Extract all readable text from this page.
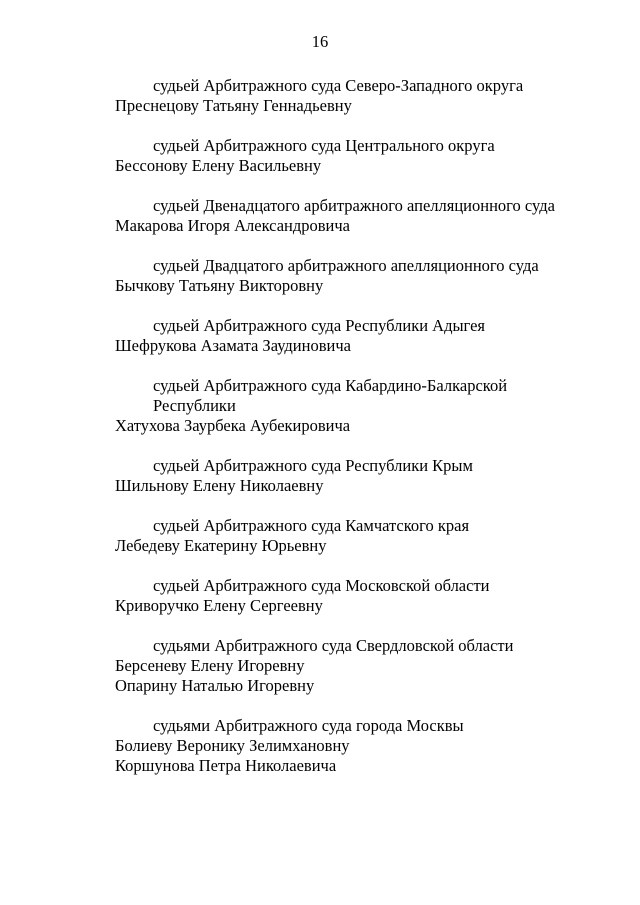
16
судьей Арбитражного суда Северо-Западного округа
Преснецову Татьяну Геннадьевну
судьей Арбитражного суда Центрального округа
Бессонову Елену Васильевну
судьей Двенадцатого арбитражного апелляционного суда
Макарова Игоря Александровича
судьей Двадцатого арбитражного апелляционного суда
Бычкову Татьяну Викторовну
судьей Арбитражного суда Республики Адыгея
Шефрукова Азамата Заудиновича
судьей Арбитражного суда Кабардино-Балкарской
Республики
Хатухова Заурбека Аубекировича
судьей Арбитражного суда Республики Крым
Шильнову Елену Николаевну
судьей Арбитражного суда Камчатского края
Лебедеву Екатерину Юрьевну
судьей Арбитражного суда Московской области
Криворучко Елену Сергеевну
судьями Арбитражного суда Свердловской области
Берсеневу Елену Игоревну
Опарину Наталью Игоревну
судьями Арбитражного суда города Москвы
Болиеву Веронику Зелимхановну
Коршунова Петра Николаевича
